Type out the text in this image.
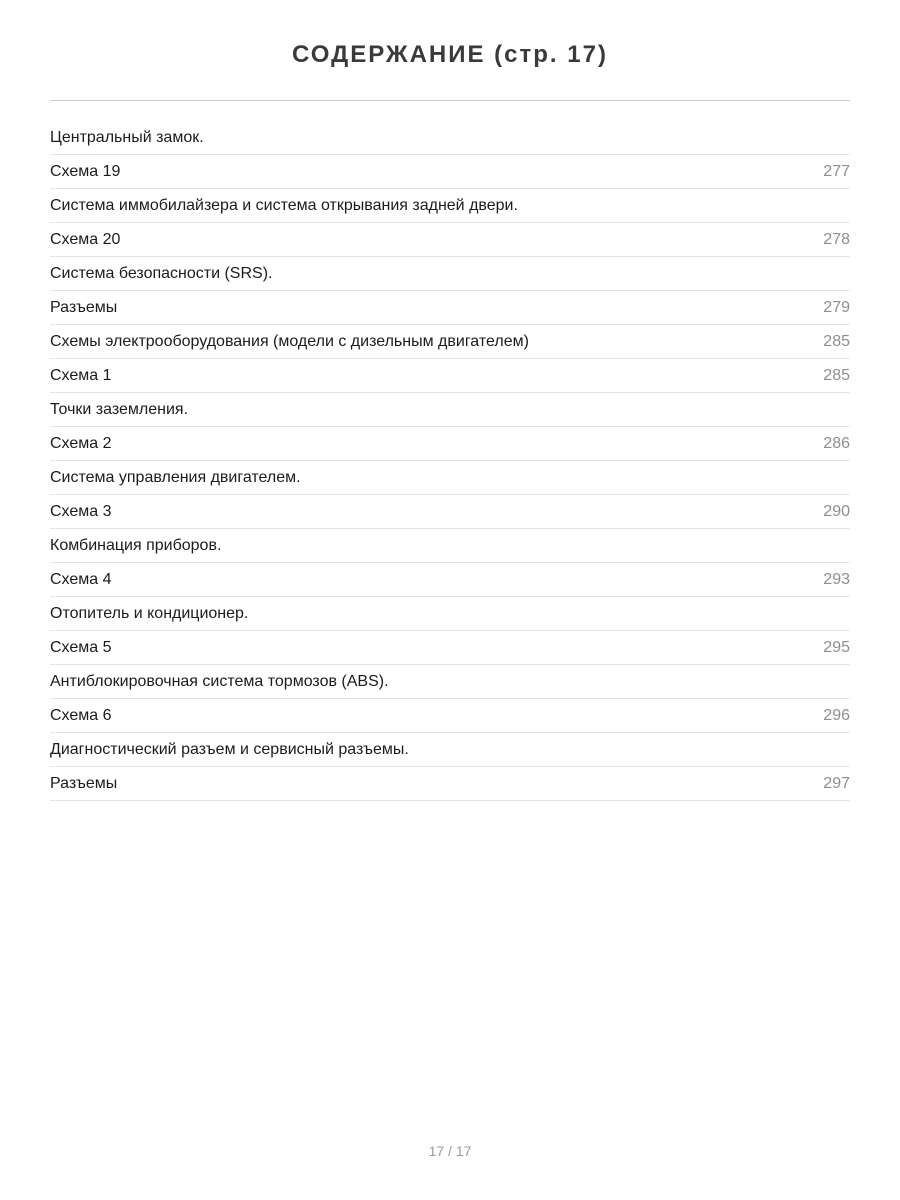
СОДЕРЖАНИЕ (стр. 17)
Центральный замок.
Схема 19	277
Система иммобилайзера и система открывания задней двери.
Схема 20	278
Система безопасности (SRS).
Разъемы	279
Схемы электрооборудования (модели с дизельным двигателем)	285
Схема 1	285
Точки заземления.
Схема 2	286
Система управления двигателем.
Схема 3	290
Комбинация приборов.
Схема 4	293
Отопитель и кондиционер.
Схема 5	295
Антиблокировочная система тормозов (ABS).
Схема 6	296
Диагностический разъем и сервисный разъемы.
Разъемы	297
17 / 17
